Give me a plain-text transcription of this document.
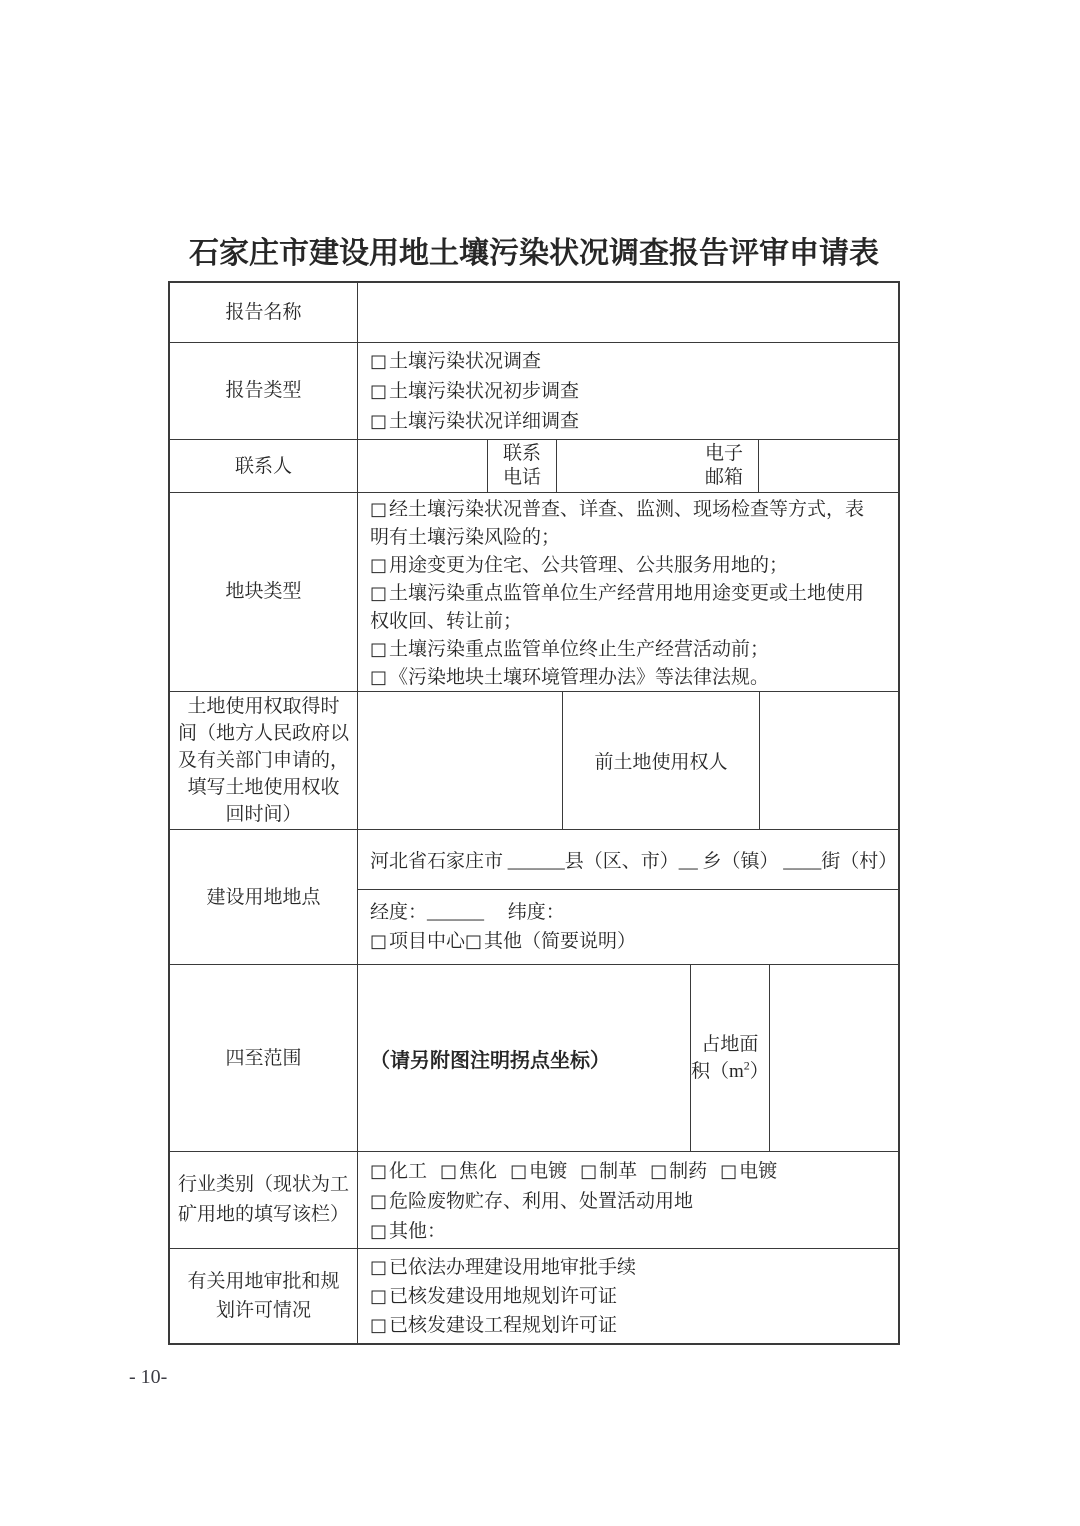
石家庄市建设用地土壤污染状况调查报告评审申请表
报告名称
报告类型
□ 土壤污染状况调查
□ 土壤污染状况初步调查
□ 土壤污染状况详细调查
联系人
联系
电话
电子
邮箱
地块类型
□ 经土壤污染状况普查、详查、监测、现场检查等方式，表
明有土壤污染风险的；
□ 用途变更为住宅、公共管理、公共服务用地的；
□ 土壤污染重点监管单位生产经营用地用途变更或土地使用
权收回、转让前；
□ 土壤污染重点监管单位终止生产经营活动前；
□ 《污染地块土壤环境管理办法》等法律法规。
土地使用权取得时
间（地方人民政府以
及有关部门申请的，
填写土地使用权收
回时间）
前土地使用权人
建设用地地点
河北省石家庄市 ______县（区、市）__ 乡（镇） ____街（村）
经度：______　 纬度：
□ 项目中心□ 其他（简要说明）
四至范围	（请另附图注明拐点坐标）
占地面
积$(m^2)$
行业类别（现状为工
矿用地的填写该栏）
□ 化工 □ 焦化 □ 电镀 □ 制革 □ 制药 □ 电镀
□ 危险废物贮存、利用、处置活动用地
□ 其他：
有关用地审批和规
划许可情况
□ 已依法办理建设用地审批手续
□ 已核发建设用地规划许可证
□ 已核发建设工程规划许可证
- 10-
